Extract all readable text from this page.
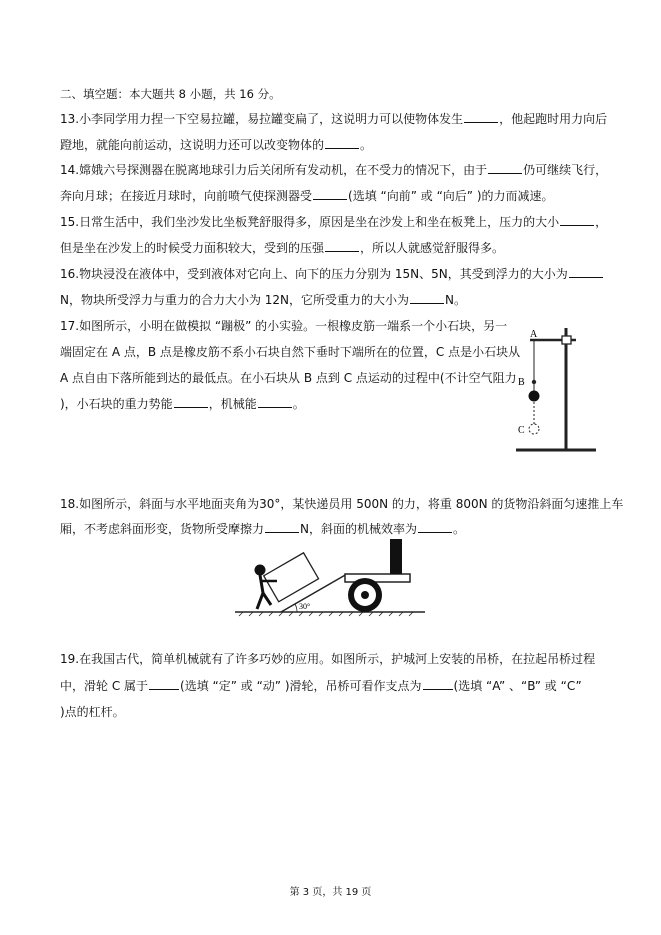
二、填空题：本大题共 8 小题，共 16 分。
13.小李同学用力捏一下空易拉罐，易拉罐变扁了，这说明力可以使物体发生	，他起跑时用力向后
蹬地，就能向前运动，这说明力还可以改变物体的	。
14.嫦娥六号探测器在脱离地球引力后关闭所有发动机，在不受力的情况下，由于	仍可继续飞行，
奔向月球；在接近月球时，向前喷气使探测器受	(选填 “向前” 或 “向后” )的力而减速。
15.日常生活中，我们坐沙发比坐板凳舒服得多，原因是坐在沙发上和坐在板凳上，压力的大小	，
但是坐在沙发上的时候受力面积较大，受到的压强	，所以人就感觉舒服得多。
16.物块浸没在液体中，受到液体对它向上、向下的压力分别为 15N、5N，其受到浮力的大小为
N，物块所受浮力与重力的合力大小为 12N，它所受重力的大小为	N。
17.如图所示，小明在做模拟 “蹦极” 的小实验。一根橡皮筋一端系一个小石块，另一
端固定在 A 点，B 点是橡皮筋不系小石块自然下垂时下端所在的位置，C 点是小石块从
A 点自由下落所能到达的最低点。在小石块从 B 点到 C 点运动的过程中(不计空气阻力
)，小石块的重力势能	，机械能	。
A
B
C
18.如图所示，斜面与水平地面夹角为30°，某快递员用 500N 的力，将重 800N 的货物沿斜面匀速推上车
厢，不考虑斜面形变，货物所受摩擦力	N，斜面的机械效率为	。
30°
19.在我国古代，简单机械就有了许多巧妙的应用。如图所示，护城河上安装的吊桥，在拉起吊桥过程
中，滑轮 C 属于	(选填 “定” 或 “动” )滑轮，吊桥可看作支点为	(选填 “A” 、“B” 或 “C”
)点的杠杆。
第 3 页，共 19 页
